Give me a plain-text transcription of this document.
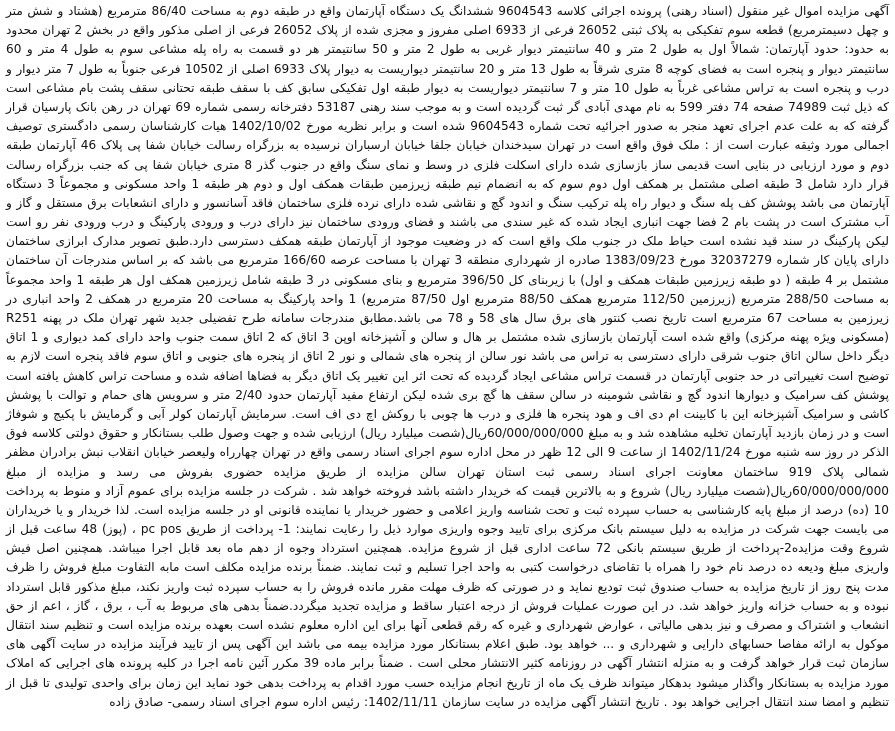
آگهی مزایده اموال غیر منقول (اسناد رهنی) پرونده اجرائی کلاسه 9604543 ششدانگ یک دستگاه آپارتمان واقع در طبقه دوم به مساحت 86/40 مترمربع (هشتاد و شش متر و چهل دسیمترمربع) قطعه سوم تفکیکی به پلاک ثبتی 26052 فرعی از 6933 اصلی مفروز و مجزی شده از پلاک 26052 فرعی از اصلی مذکور واقع در بخش 2 تهران محدود به حدود: حدود آپارتمان: شمالاً اول به طول 2 متر و 40 سانتیمتر دیوار غربی به طول 2 متر و 50 سانتیمتر هر دو قسمت به راه پله مشاعی سوم به طول 4 متر و 60 سانتیمتر دیوار و پنجره است به فضای کوچه 8 متری شرقاً به طول 13 متر و 20 سانتیمتر دیواریست به دیوار پلاک 6933 اصلی از 10502 فرعی جنوباً به طول 7 متر دیوار و درب و پنجره است به تراس مشاعی غرباً به طول 10 متر و 7 سانتیمتر دیواریست به دیوار طبقه اول تفکیکی سابق کف با سقف طبقه تحتانی سقف پشت بام مشاعی است که ذیل ثبت 74989 صفحه 74 دفتر 599 به نام مهدی آبادی گر ثبت گردیده است و به موجب سند رهنی 53187 دفترخانه رسمی شماره 69 تهران در رهن بانک پارسیان قرار گرفته که به علت عدم اجرای تعهد منجر به صدور اجرائیه تحت شماره 9604543 شده است و برابر نظریه مورخ 1402/10/02 هیات کارشناسان رسمی دادگستری توصیف اجمالی مورد وثیقه عبارت است از : ملک فوق واقع است در تهران سیدخندان خیابان جلفا خیابان ارسباران نرسیده به بزرگراه رسالت خیابان شفا پی پلاک 46 آپارتمان طبقه دوم و مورد ارزیابی در بنایی است قدیمی ساز بازسازی شده دارای اسکلت فلزی در وسط و نمای سنگ واقع در جنوب گذر 8 متری خیابان شفا پی که جنب بزرگراه رسالت قرار دارد شامل 3 طبقه اصلی مشتمل بر همکف اول دوم سوم که به انضمام نیم طبقه زیرزمین طبقات همکف اول و دوم هر طبقه 1 واحد مسکونی و مجموعاً 3 دستگاه آپارتمان می باشد پوشش کف پله سنگ و دیوار راه پله ترکیب سنگ و اندود گچ و نقاشی شده دارای نرده فلزی ساختمان فاقد آسانسور و دارای انشعابات برق مستقل و گاز و آب مشترک است در پشت بام 2 فضا جهت انباری ایجاد شده که غیر سندی می باشند و فضای ورودی ساختمان نیز دارای درب و ورودی پارکینگ و درب ورودی نفر رو است لیکن پارکینگ در سند قید نشده است حیاط ملک در جنوب ملک واقع است که در وضعیت موجود از آپارتمان طبقه همکف دسترسی دارد.طبق تصویر مدارک ابرازی ساختمان دارای پایان کار شماره 32037279 مورخ 1383/09/23 صادره از شهرداری منطقه 3 تهران با مساحت عرصه 166/60 مترمربع می باشد که بر اساس مندرجات آن ساختمان مشتمل بر 4 طبقه ( دو طبقه زیرزمین طبقات همکف و اول) با زیربنای کل 396/50 مترمربع و بنای مسکونی در 3 طبقه شامل زیرزمین همکف اول هر طبقه 1 واحد مجموعاً به مساحت 288/50 مترمربع (زیرزمین 112/50 مترمربع همکف 88/50 مترمربع اول 87/50 مترمربع) 1 واحد پارکینگ به مساحت 20 مترمربع در همکف 2 واحد انباری در زیرزمین به مساحت 67 مترمربع است تاریخ نصب کنتور های برق سال های 58 و 78 می باشد.مطابق مندرجات سامانه طرح تفضیلی جدید شهر تهران ملک در پهنه R251 (مسکونی ویژه پهنه مرکزی) واقع شده است آپارتمان بازسازی شده مشتمل بر هال و سالن و آشپزخانه اوپن 3 اتاق که 2 اتاق سمت جنوب واحد دارای کمد دیواری و 1 اتاق دیگر داخل سالن اتاق جنوب شرقی دارای دسترسی به تراس می باشد نور سالن از پنجره های شمالی و نور 2 اتاق از پنجره های جنوبی و اتاق سوم فاقد پنجره است لازم به توضیح است تغییراتی در حد جنوبی آپارتمان در قسمت تراس مشاعی ایجاد گردیده که تحت اثر این تغییر یک اتاق دیگر به فضاها اضافه شده و مساحت تراس کاهش یافته است پوشش کف سرامیک و دیوارها اندود گچ و نقاشی شومینه در سالن سقف ها گچ بری شده لیکن ارتفاع مفید آپارتمان حدود 2/40 متر و سرویس های حمام و توالت با پوشش کاشی و سرامیک آشپزخانه این با کابینت ام دی اف و هود پنجره ها فلزی و درب ها چوبی با روکش اچ دی اف است. سرمایش آپارتمان کولر آبی و گرمایش با پکیج و شوفاژ است و در زمان بازدید آپارتمان تخلیه مشاهده شد و به مبلغ 60/000/000/000ریال(شصت میلیارد ریال) ارزیابی شده و جهت وصول طلب بستانکار و حقوق دولتی کلاسه فوق الذکر در روز سه شنبه مورخ 1402/11/24 از ساعت 9 الی 12 ظهر در محل اداره سوم اجرای اسناد رسمی واقع در تهران چهارراه ولیعصر خیابان انقلاب نبش برادران مظفر شمالی پلاک 919 ساختمان معاونت اجرای اسناد رسمی ثبت استان تهران سالن مزایده از طریق مزایده حضوری بفروش می رسد و مزایده از مبلغ 60/000/000/000ریال(شصت میلیارد ریال) شروع و به بالاترین قیمت که خریدار داشته باشد فروخته خواهد شد . شرکت در جلسه مزایده برای عموم آزاد و منوط به پرداخت 10 (ده) درصد از مبلغ پایه کارشناسی به حساب سپرده ثبت و تحت شناسه واریز اعلامی و حضور خریدار یا نماینده قانونی او در جلسه مزایده است. لذا خریدار و یا خریداران می بایست جهت شرکت در مزایده به دلیل سیستم بانک مرکزی برای تایید وجوه واریزی موارد ذیل را رعایت نمایند: 1- پرداخت از طریق pc pos ، (پوز) 48 ساعت قبل از شروع وقت مزایده2-پرداخت از طریق سیستم بانکی 72 ساعت اداری قبل از شروع مزایده. همچنین استرداد وجوه از دهم ماه بعد قابل اجرا میباشد. همچنین اصل فیش واریزی مبلغ ودیعه ده درصد نام خود را همراه با تقاضای درخواست کتبی به واحد اجرا تسلیم و ثبت نمایند. ضمناً برنده مزایده مکلف است مابه التفاوت مبلغ فروش را ظرف مدت پنج روز از تاریخ مزایده به حساب صندوق ثبت تودیع نماید و در صورتی که ظرف مهلت مقرر مانده فروش را به حساب سپرده ثبت واریز نکند، مبلغ مذکور قابل استرداد نبوده و به حساب خزانه واریز خواهد شد. در این صورت عملیات فروش از درجه اعتبار ساقط و مزایده تجدید میگردد.ضمناً بدهی های مربوط به آب ، برق ، گاز ، اعم از حق انشعاب و اشتراک و مصرف و نیز بدهی مالیاتی ، عوارض شهرداری و غیره که رقم قطعی آنها برای این اداره معلوم نشده است بعهده برنده مزایده است و تنظیم سند انتقال موکول به ارائه مفاصا حسابهای دارایی و شهرداری و ... خواهد بود. طبق اعلام بستانکار مورد مزایده بیمه می باشد این آگهی پس از تایید فرآیند مزایده در سایت آگهی های سازمان ثبت قرار خواهد گرفت و به منزله انتشار آگهی در روزنامه کثیر الانتشار محلی است . ضمناً برابر ماده 39 مکرر آئین نامه اجرا در کلیه پرونده های اجرایی که املاک مورد مزایده به بستانکار واگذار میشود بدهکار میتواند ظرف یک ماه از تاریخ انجام مزایده حسب مورد اقدام به پرداخت بدهی خود نماید این زمان برای واحدی تولیدی تا قبل از تنظیم و امضا سند انتقال اجرایی خواهد بود . تاریخ انتشار آگهی مزایده در سایت سازمان 1402/11/11: رئیس اداره سوم اجرای اسناد رسمی- صادق زاده
